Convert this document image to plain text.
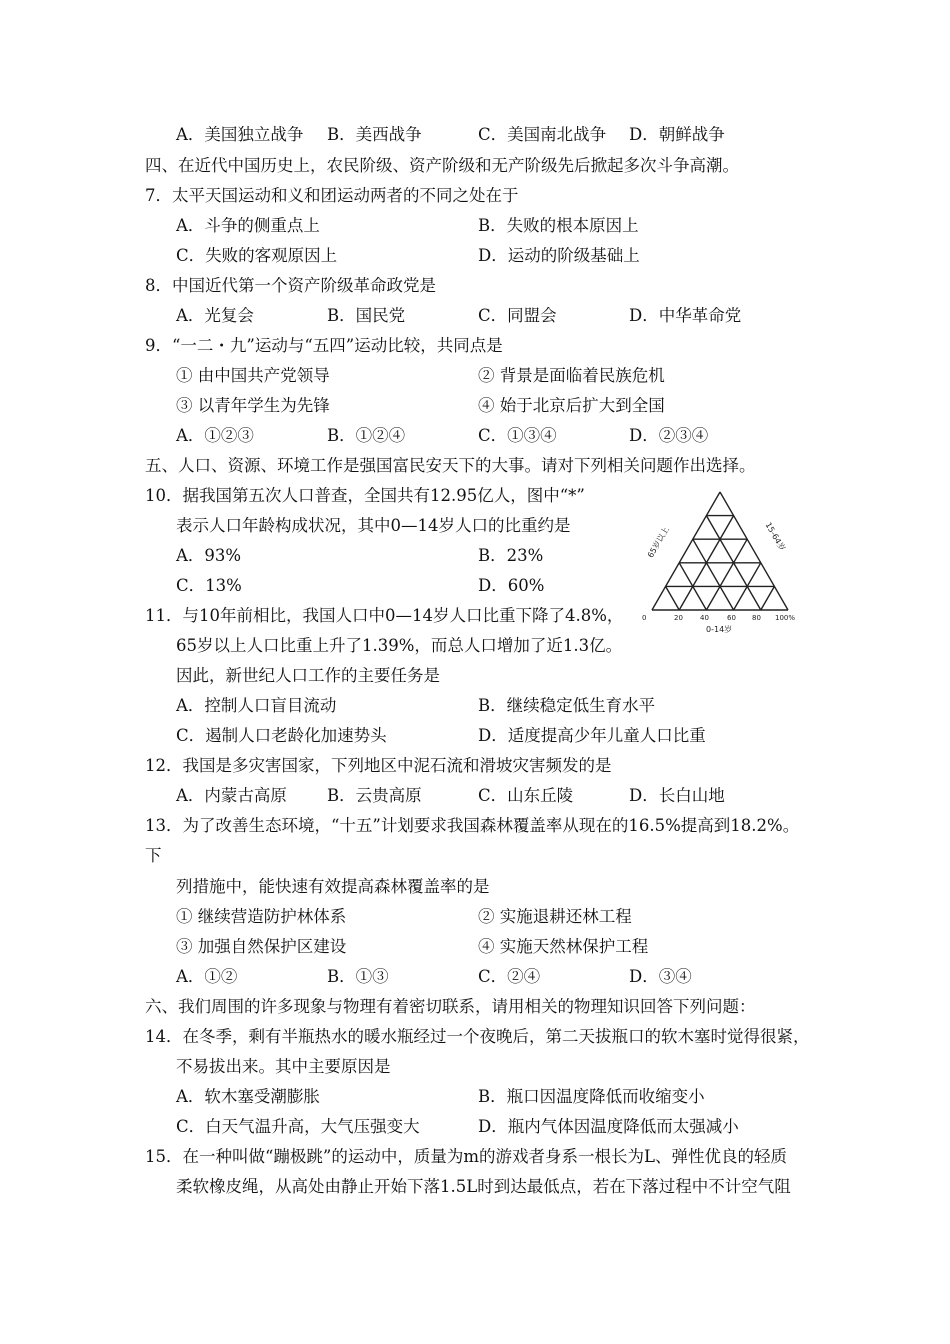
A．美国独立战争 B．美西战争	C．美国南北战争 D．朝鲜战争
四、在近代中国历史上，农民阶级、资产阶级和无产阶级先后掀起多次斗争高潮。
7．太平天国运动和义和团运动两者的不同之处在于
A．斗争的侧重点上	B．失败的根本原因上
C．失败的客观原因上	D．运动的阶级基础上
8．中国近代第一个资产阶级革命政党是
A．光复会	B．国民党	C．同盟会	D．中华革命党
9．“一二・九”运动与“五四”运动比较，共同点是
① 由中国共产党领导	② 背景是面临着民族危机
③ 以青年学生为先锋	④ 始于北京后扩大到全国
A．①②③	B．①②④	C．①③④	D．②③④
五、人口、资源、环境工作是强国富民安天下的大事。请对下列相关问题作出选择。
10．据我国第五次人口普查，全国共有12.95亿人，图中“*”
表示人口年龄构成状况，其中0—14岁人口的比重约是
A．93%	B．23%
C．13%	D．60%
65岁以上	15-64岁
0	20 40	60 80 100%
0-14岁
11．与10年前相比，我国人口中0—14岁人口比重下降了4.8%，
65岁以上人口比重上升了1.39%，而总人口增加了近1.3亿。
因此，新世纪人口工作的主要任务是
A．控制人口盲目流动	B．继续稳定低生育水平
C．遏制人口老龄化加速势头	D．适度提高少年儿童人口比重
12．我国是多灾害国家，下列地区中泥石流和滑坡灾害频发的是
A．内蒙古高原 B．云贵高原	C．山东丘陵	D．长白山地
13．为了改善生态环境，“十五”计划要求我国森林覆盖率从现在的16.5%提高到18.2%。
下
列措施中，能快速有效提高森林覆盖率的是
① 继续营造防护林体系	② 实施退耕还林工程
③ 加强自然保护区建设	④ 实施天然林保护工程
A．①②	B．①③	C．②④	D．③④
六、我们周围的许多现象与物理有着密切联系，请用相关的物理知识回答下列问题：
14．在冬季，剩有半瓶热水的暖水瓶经过一个夜晚后，第二天拔瓶口的软木塞时觉得很紧，
不易拔出来。其中主要原因是
A．软木塞受潮膨胀	B．瓶口因温度降低而收缩变小
C．白天气温升高，大气压强变大	D．瓶内气体因温度降低而太强减小
15．在一种叫做“蹦极跳”的运动中，质量为m的游戏者身系一根长为L、弹性优良的轻质
柔软橡皮绳，从高处由静止开始下落1.5L时到达最低点，若在下落过程中不计空气阻
